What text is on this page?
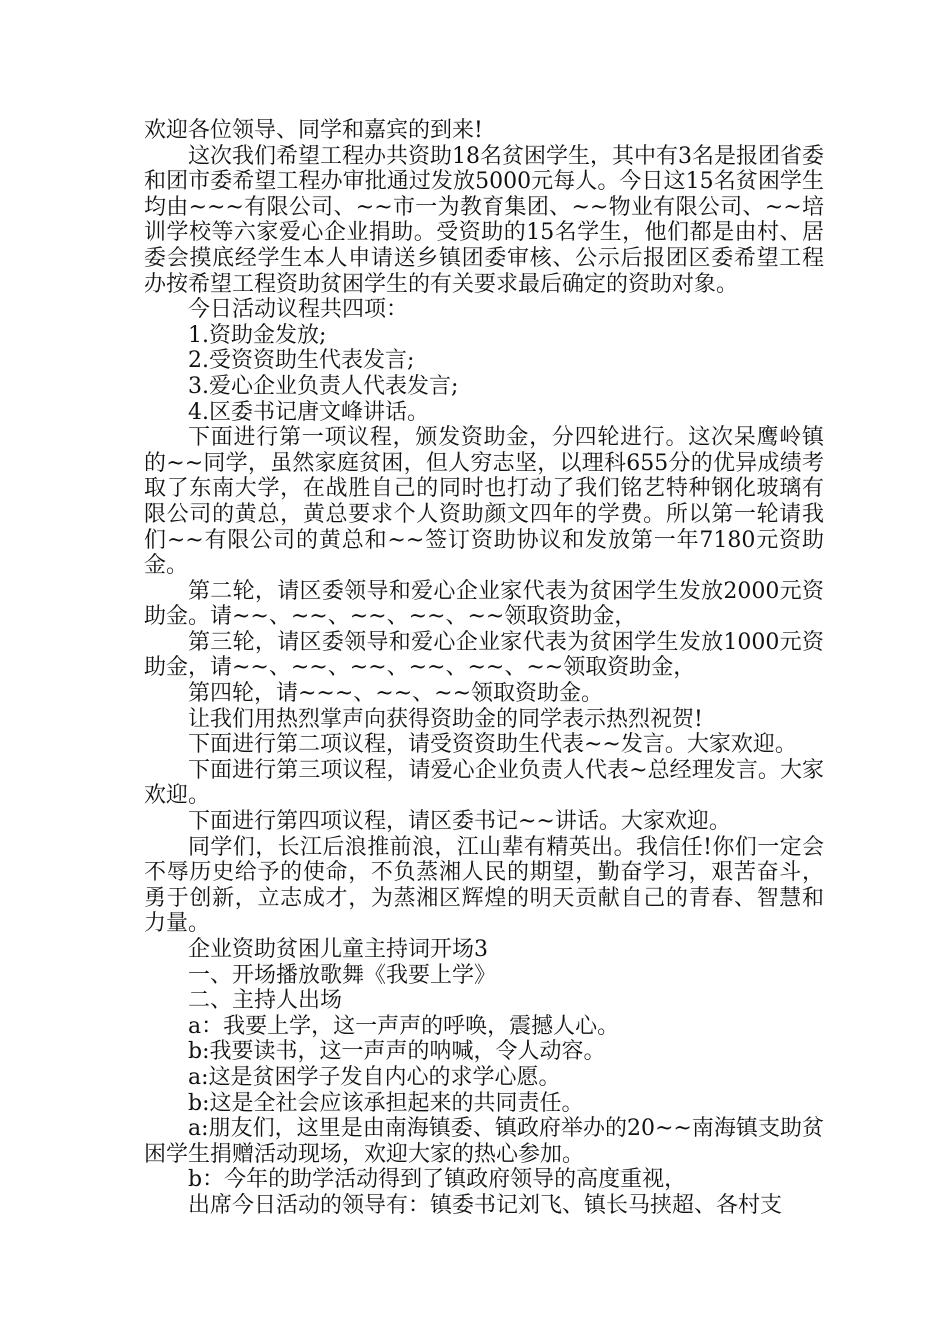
欢迎各位领导、同学和嘉宾的到来!

这次我们希望工程办共资助18名贫困学生，其中有3名是报团省委和团市委希望工程办审批通过发放5000元每人。今日这15名贫困学生均由~~~有限公司、~~市一为教育集团、~~物业有限公司、~~培训学校等六家爱心企业捐助。受资助的15名学生，他们都是由村、居委会摸底经学生本人申请送乡镇团委审核、公示后报团区委希望工程办按希望工程资助贫困学生的有关要求最后确定的资助对象。

今日活动议程共四项：

1.资助金发放;

2.受资资助生代表发言;

3.爱心企业负责人代表发言;

4.区委书记唐文峰讲话。

下面进行第一项议程，颁发资助金，分四轮进行。这次呆鹰岭镇的~~同学，虽然家庭贫困，但人穷志坚，以理科655分的优异成绩考取了东南大学，在战胜自己的同时也打动了我们铭艺特种钢化玻璃有限公司的黄总，黄总要求个人资助颜文四年的学费。所以第一轮请我们~~有限公司的黄总和~~签订资助协议和发放第一年7180元资助金。

第二轮，请区委领导和爱心企业家代表为贫困学生发放2000元资助金。请~~、~~、~~、~~、~~领取资助金，

第三轮，请区委领导和爱心企业家代表为贫困学生发放1000元资助金，请~~、~~、~~、~~、~~、~~领取资助金，

第四轮，请~~~、~~、~~领取资助金。

让我们用热烈掌声向获得资助金的同学表示热烈祝贺!

下面进行第二项议程，请受资资助生代表~~发言。大家欢迎。

下面进行第三项议程，请爱心企业负责人代表~总经理发言。大家欢迎。

下面进行第四项议程，请区委书记~~讲话。大家欢迎。

同学们，长江后浪推前浪，江山辈有精英出。我信任!你们一定会不辱历史给予的使命，不负蒸湘人民的期望，勤奋学习，艰苦奋斗，勇于创新，立志成才，为蒸湘区辉煌的明天贡献自己的青春、智慧和力量。

企业资助贫困儿童主持词开场3

一、开场播放歌舞《我要上学》

二、主持人出场

a：我要上学，这一声声的呼唤，震撼人心。

b:我要读书，这一声声的呐喊，令人动容。

a:这是贫困学子发自内心的求学心愿。

b:这是全社会应该承担起来的共同责任。

a:朋友们，这里是由南海镇委、镇政府举办的20~~南海镇支助贫困学生捐赠活动现场，欢迎大家的热心参加。

b：今年的助学活动得到了镇政府领导的高度重视，

出席今日活动的领导有：镇委书记刘飞、镇长马挟超、各村支
